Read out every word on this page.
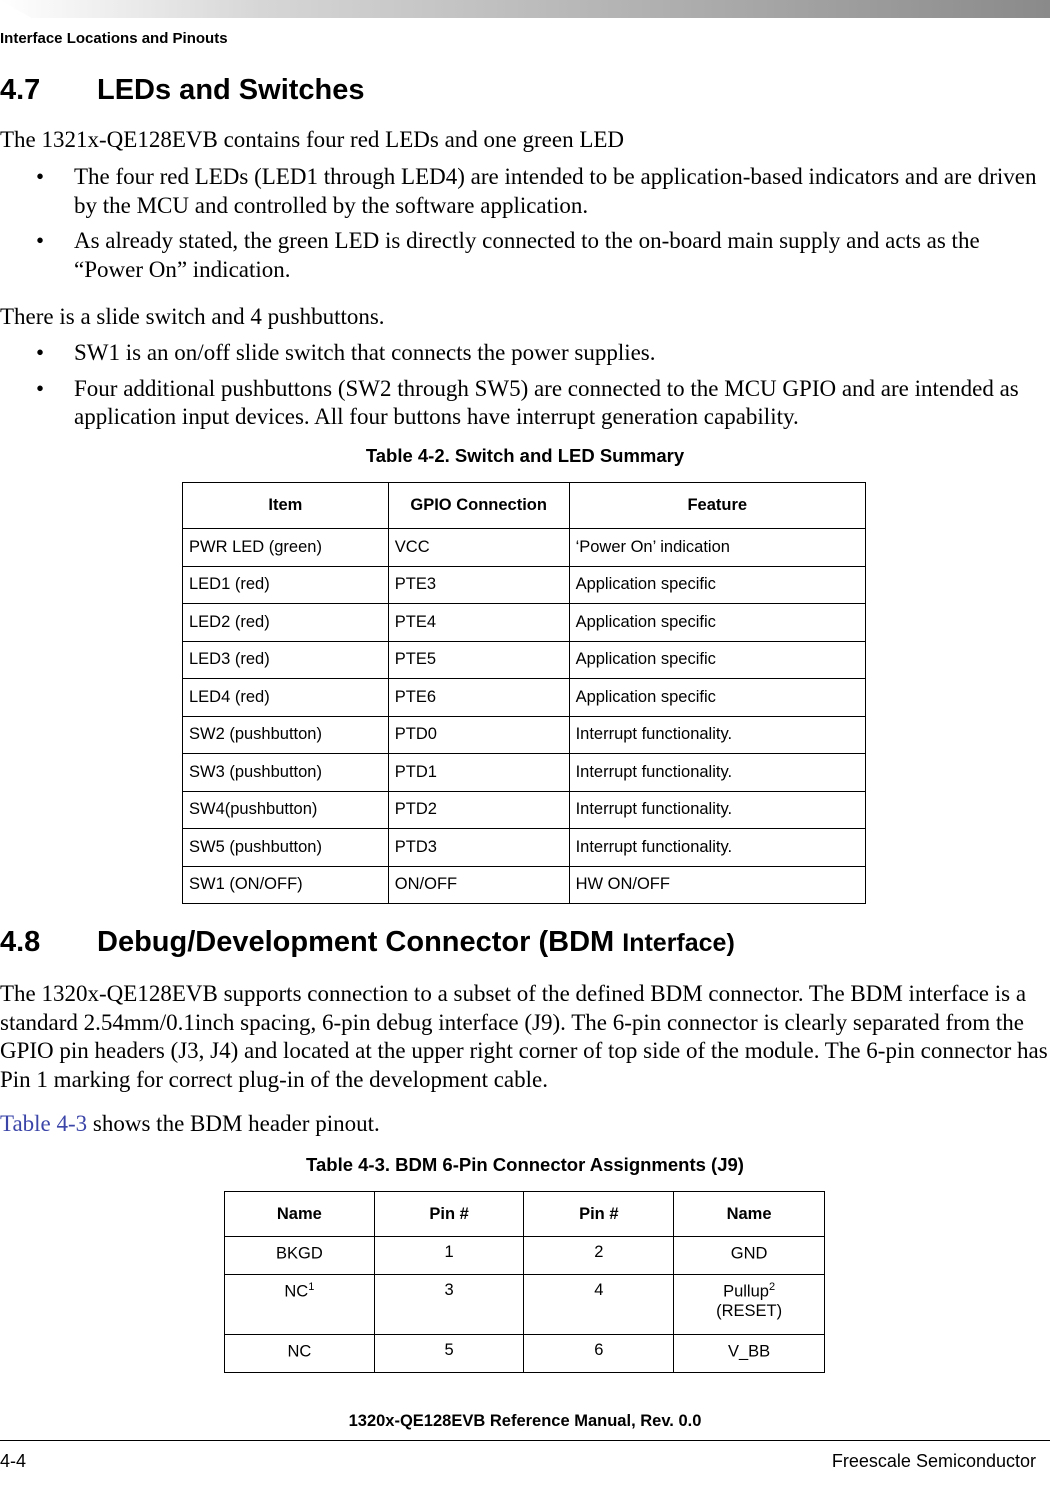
Interface Locations and Pinouts
4.7 LEDs and Switches
The 1321x-QE128EVB contains four red LEDs and one green LED
• The four red LEDs (LED1 through LED4) are intended to be application-based indicators and are driven by the MCU and controlled by the software application.
• As already stated, the green LED is directly connected to the on-board main supply and acts as the “Power On” indication.
There is a slide switch and 4 pushbuttons.
• SW1 is an on/off slide switch that connects the power supplies.
• Four additional pushbuttons (SW2 through SW5) are connected to the MCU GPIO and are intended as application input devices. All four buttons have interrupt generation capability.
Table 4-2. Switch and LED Summary
Item	GPIO Connection	Feature
PWR LED (green)	VCC	‘Power On’ indication
LED1 (red)	PTE3	Application specific
LED2 (red)	PTE4	Application specific
LED3 (red)	PTE5	Application specific
LED4 (red)	PTE6	Application specific
SW2 (pushbutton)	PTD0	Interrupt functionality.
SW3 (pushbutton)	PTD1	Interrupt functionality.
SW4(pushbutton)	PTD2	Interrupt functionality.
SW5 (pushbutton)	PTD3	Interrupt functionality.
SW1 (ON/OFF)	ON/OFF	HW ON/OFF
4.8 Debug/Development Connector (BDM Interface)
The 1320x-QE128EVB supports connection to a subset of the defined BDM connector. The BDM interface is a standard 2.54mm/0.1inch spacing, 6-pin debug interface (J9). The 6-pin connector is clearly separated from the GPIO pin headers (J3, J4) and located at the upper right corner of top side of the module. The 6-pin connector has Pin 1 marking for correct plug-in of the development cable.
Table 4-3 shows the BDM header pinout.
Table 4-3. BDM 6-Pin Connector Assignments (J9)
Name	Pin #	Pin #	Name
BKGD	1	2	GND
$NC^1$	3	4	Pullup$^2$
(RESET)
NC	5	6	V_BB
1320x-QE128EVB Reference Manual, Rev. 0.0
4-4	Freescale Semiconductor
